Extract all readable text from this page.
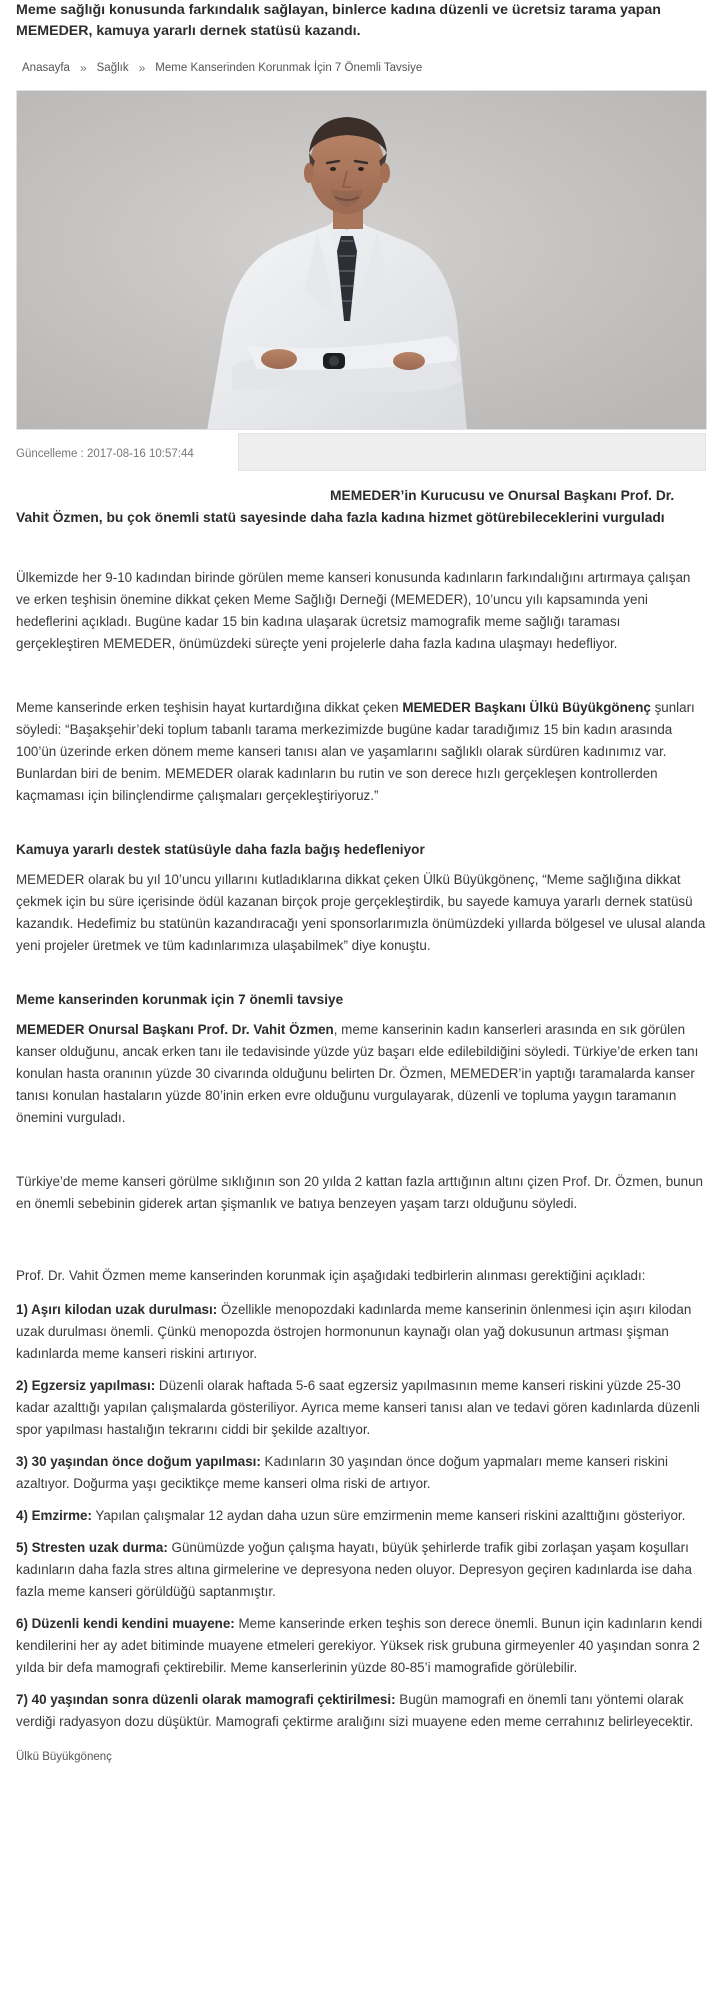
Meme sağlığı konusunda farkındalık sağlayan, binlerce kadına düzenli ve ücretsiz tarama yapan MEMEDER, kamuya yararlı dernek statüsü kazandı.
Anasayfa » Sağlık » Meme Kanserinden Korunmak İçin 7 Önemli Tavsiye
Güncelleme : 2017-08-16 10:57:44
MEMEDER’in Kurucusu ve Onursal Başkanı Prof. Dr. Vahit Özmen, bu çok önemli statü sayesinde daha fazla kadına hizmet götürebileceklerini vurguladı

Ülkemizde her 9-10 kadından birinde görülen meme kanseri konusunda kadınların farkındalığını artırmaya çalışan ve erken teşhisin önemine dikkat çeken Meme Sağlığı Derneği (MEMEDER), 10’uncu yılı kapsamında yeni hedeflerini açıkladı. Bugüne kadar 15 bin kadına ulaşarak ücretsiz mamografik meme sağlığı taraması gerçekleştiren MEMEDER, önümüzdeki süreçte yeni projelerle daha fazla kadına ulaşmayı hedefliyor.

Meme kanserinde erken teşhisin hayat kurtardığına dikkat çeken MEMEDER Başkanı Ülkü Büyükgönenç şunları söyledi: “Başakşehir’deki toplum tabanlı tarama merkezimizde bugüne kadar taradığımız 15 bin kadın arasında 100’ün üzerinde erken dönem meme kanseri tanısı alan ve yaşamlarını sağlıklı olarak sürdüren kadınımız var. Bunlardan biri de benim. MEMEDER olarak kadınların bu rutin ve son derece hızlı gerçekleşen kontrollerden kaçmaması için bilinçlendirme çalışmaları gerçekleştiriyoruz.”

Kamuya yararlı destek statüsüyle daha fazla bağış hedefleniyor

MEMEDER olarak bu yıl 10’uncu yıllarını kutladıklarına dikkat çeken Ülkü Büyükgönenç, “Meme sağlığına dikkat çekmek için bu süre içerisinde ödül kazanan birçok proje gerçekleştirdik, bu sayede kamuya yararlı dernek statüsü kazandık. Hedefimiz bu statünün kazandıracağı yeni sponsorlarımızla önümüzdeki yıllarda bölgesel ve ulusal alanda yeni projeler üretmek ve tüm kadınlarımıza ulaşabilmek” diye konuştu.

Meme kanserinden korunmak için 7 önemli tavsiye

MEMEDER Onursal Başkanı Prof. Dr. Vahit Özmen, meme kanserinin kadın kanserleri arasında en sık görülen kanser olduğunu, ancak erken tanı ile tedavisinde yüzde yüz başarı elde edilebildiğini söyledi. Türkiye’de erken tanı konulan hasta oranının yüzde 30 civarında olduğunu belirten Dr. Özmen, MEMEDER’in yaptığı taramalarda kanser tanısı konulan hastaların yüzde 80’inin erken evre olduğunu vurgulayarak, düzenli ve topluma yaygın taramanın önemini vurguladı.

Türkiye’de meme kanseri görülme sıklığının son 20 yılda 2 kattan fazla arttığının altını çizen Prof. Dr. Özmen, bunun en önemli sebebinin giderek artan şişmanlık ve batıya benzeyen yaşam tarzı olduğunu söyledi.

Prof. Dr. Vahit Özmen meme kanserinden korunmak için aşağıdaki tedbirlerin alınması gerektiğini açıkladı:

1) Aşırı kilodan uzak durulması: Özellikle menopozdaki kadınlarda meme kanserinin önlenmesi için aşırı kilodan uzak durulması önemli. Çünkü menopozda östrojen hormonunun kaynağı olan yağ dokusunun artması şişman kadınlarda meme kanseri riskini artırıyor.

2) Egzersiz yapılması: Düzenli olarak haftada 5-6 saat egzersiz yapılmasının meme kanseri riskini yüzde 25-30 kadar azalttığı yapılan çalışmalarda gösteriliyor. Ayrıca meme kanseri tanısı alan ve tedavi gören kadınlarda düzenli spor yapılması hastalığın tekrarını ciddi bir şekilde azaltıyor.

3) 30 yaşından önce doğum yapılması: Kadınların 30 yaşından önce doğum yapmaları meme kanseri riskini azaltıyor. Doğurma yaşı geciktikçe meme kanseri olma riski de artıyor.

4) Emzirme: Yapılan çalışmalar 12 aydan daha uzun süre emzirmenin meme kanseri riskini azalttığını gösteriyor.

5) Stresten uzak durma: Günümüzde yoğun çalışma hayatı, büyük şehirlerde trafik gibi zorlaşan yaşam koşulları kadınların daha fazla stres altına girmelerine ve depresyona neden oluyor. Depresyon geçiren kadınlarda ise daha fazla meme kanseri görüldüğü saptanmıştır.

6) Düzenli kendi kendini muayene: Meme kanserinde erken teşhis son derece önemli. Bunun için kadınların kendi kendilerini her ay adet bitiminde muayene etmeleri gerekiyor. Yüksek risk grubuna girmeyenler 40 yaşından sonra 2 yılda bir defa mamografi çektirebilir. Meme kanserlerinin yüzde 80-85’i mamografide görülebilir.

7) 40 yaşından sonra düzenli olarak mamografi çektirilmesi: Bugün mamografi en önemli tanı yöntemi olarak verdiği radyasyon dozu düşüktür. Mamografi çektirme aralığını sizi muayene eden meme cerrahınız belirleyecektir.

Ülkü Büyükgönenç
